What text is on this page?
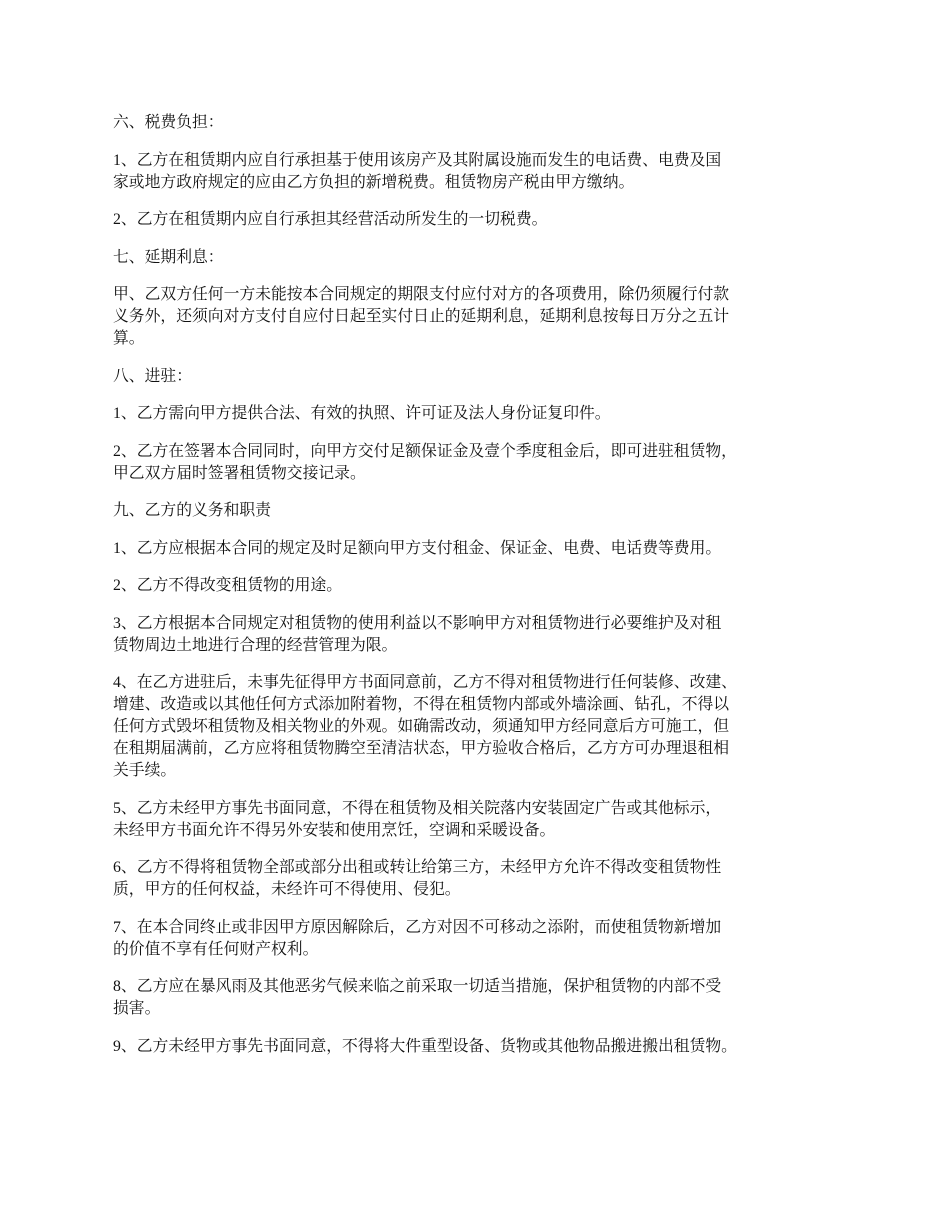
六、税费负担：

1、乙方在租赁期内应自行承担基于使用该房产及其附属设施而发生的电话费、电费及国
家或地方政府规定的应由乙方负担的新增税费。租赁物房产税由甲方缴纳。

2、乙方在租赁期内应自行承担其经营活动所发生的一切税费。

七、延期利息：

甲、乙双方任何一方未能按本合同规定的期限支付应付对方的各项费用，除仍须履行付款
义务外，还须向对方支付自应付日起至实付日止的延期利息，延期利息按每日万分之五计
算。

八、进驻：

1、乙方需向甲方提供合法、有效的执照、许可证及法人身份证复印件。

2、乙方在签署本合同同时，向甲方交付足额保证金及壹个季度租金后，即可进驻租赁物，
甲乙双方届时签署租赁物交接记录。

九、乙方的义务和职责

1、乙方应根据本合同的规定及时足额向甲方支付租金、保证金、电费、电话费等费用。

2、乙方不得改变租赁物的用途。

3、乙方根据本合同规定对租赁物的使用利益以不影响甲方对租赁物进行必要维护及对租
赁物周边土地进行合理的经营管理为限。

4、在乙方进驻后，未事先征得甲方书面同意前，乙方不得对租赁物进行任何装修、改建、
增建、改造或以其他任何方式添加附着物，不得在租赁物内部或外墙涂画、钻孔，不得以
任何方式毁坏租赁物及相关物业的外观。如确需改动，须通知甲方经同意后方可施工，但
在租期届满前，乙方应将租赁物腾空至清洁状态，甲方验收合格后，乙方方可办理退租相
关手续。

5、乙方未经甲方事先书面同意，不得在租赁物及相关院落内安装固定广告或其他标示，
未经甲方书面允许不得另外安装和使用烹饪，空调和采暖设备。

6、乙方不得将租赁物全部或部分出租或转让给第三方，未经甲方允许不得改变租赁物性
质，甲方的任何权益，未经许可不得使用、侵犯。

7、在本合同终止或非因甲方原因解除后，乙方对因不可移动之添附，而使租赁物新增加
的价值不享有任何财产权利。

8、乙方应在暴风雨及其他恶劣气候来临之前采取一切适当措施，保护租赁物的内部不受
损害。

9、乙方未经甲方事先书面同意，不得将大件重型设备、货物或其他物品搬进搬出租赁物。
